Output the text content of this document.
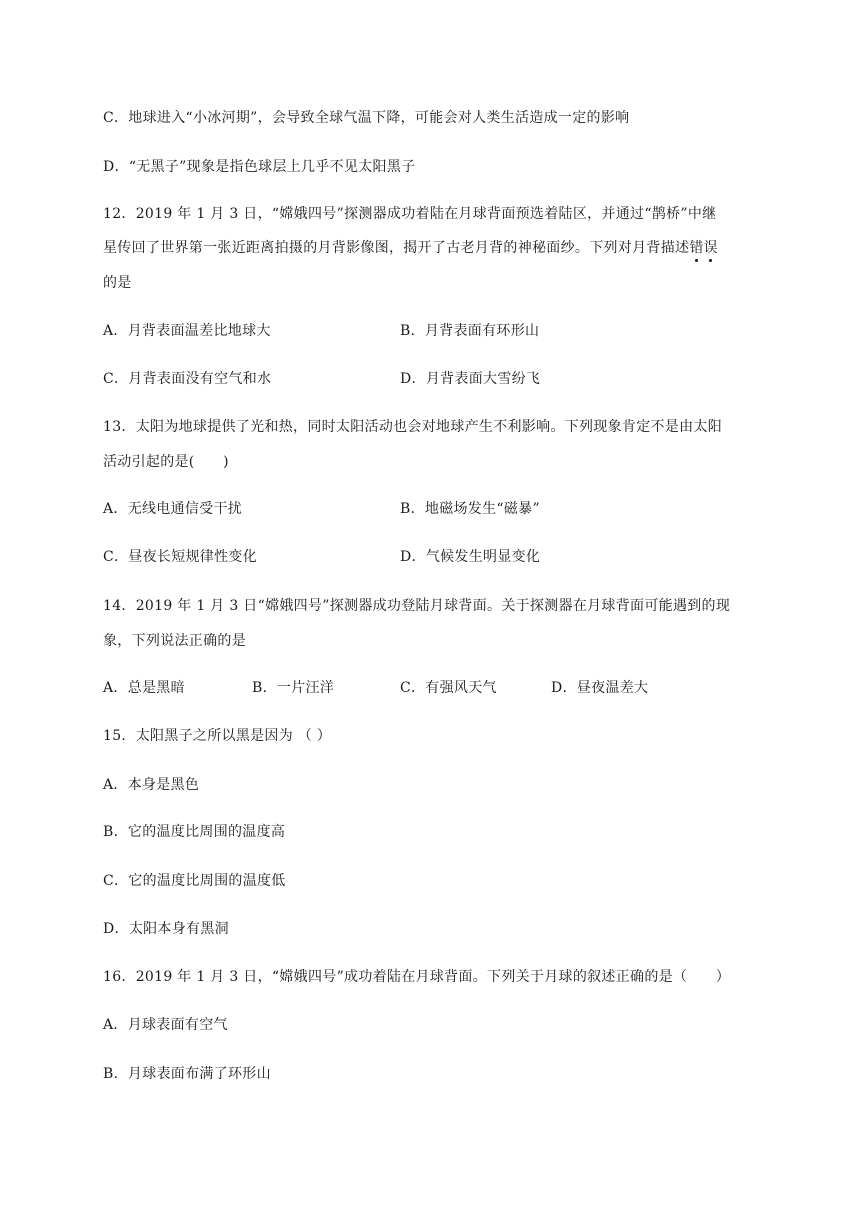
C．地球进入“小冰河期”，会导致全球气温下降，可能会对人类生活造成一定的影响
D．“无黑子”现象是指色球层上几乎不见太阳黑子
12．2019 年 1 月 3 日，“嫦娥四号”探测器成功着陆在月球背面预选着陆区，并通过“鹊桥”中继
星传回了世界第一张近距离拍摄的月背影像图，揭开了古老月背的神秘面纱。下列对月背描述错误
的是
A．月背表面温差比地球大	B．月背表面有环形山
C．月背表面没有空气和水	D．月背表面大雪纷飞
13．太阳为地球提供了光和热，同时太阳活动也会对地球产生不利影响。下列现象肯定不是由太阳
活动引起的是(　　)
A．无线电通信受干扰	B．地磁场发生“磁暴”
C．昼夜长短规律性变化	D．气候发生明显变化
14．2019 年 1 月 3 日“嫦娥四号”探测器成功登陆月球背面。关于探测器在月球背面可能遇到的现
象，下列说法正确的是
A．总是黑暗	B．一片汪洋	C．有强风天气	D．昼夜温差大
15．太阳黑子之所以黑是因为 （ ）
A．本身是黑色
B．它的温度比周围的温度高
C．它的温度比周围的温度低
D．太阳本身有黑洞
16．2019 年 1 月 3 日，“嫦娥四号”成功着陆在月球背面。下列关于月球的叙述正确的是（　　）
A．月球表面有空气
B．月球表面布满了环形山
